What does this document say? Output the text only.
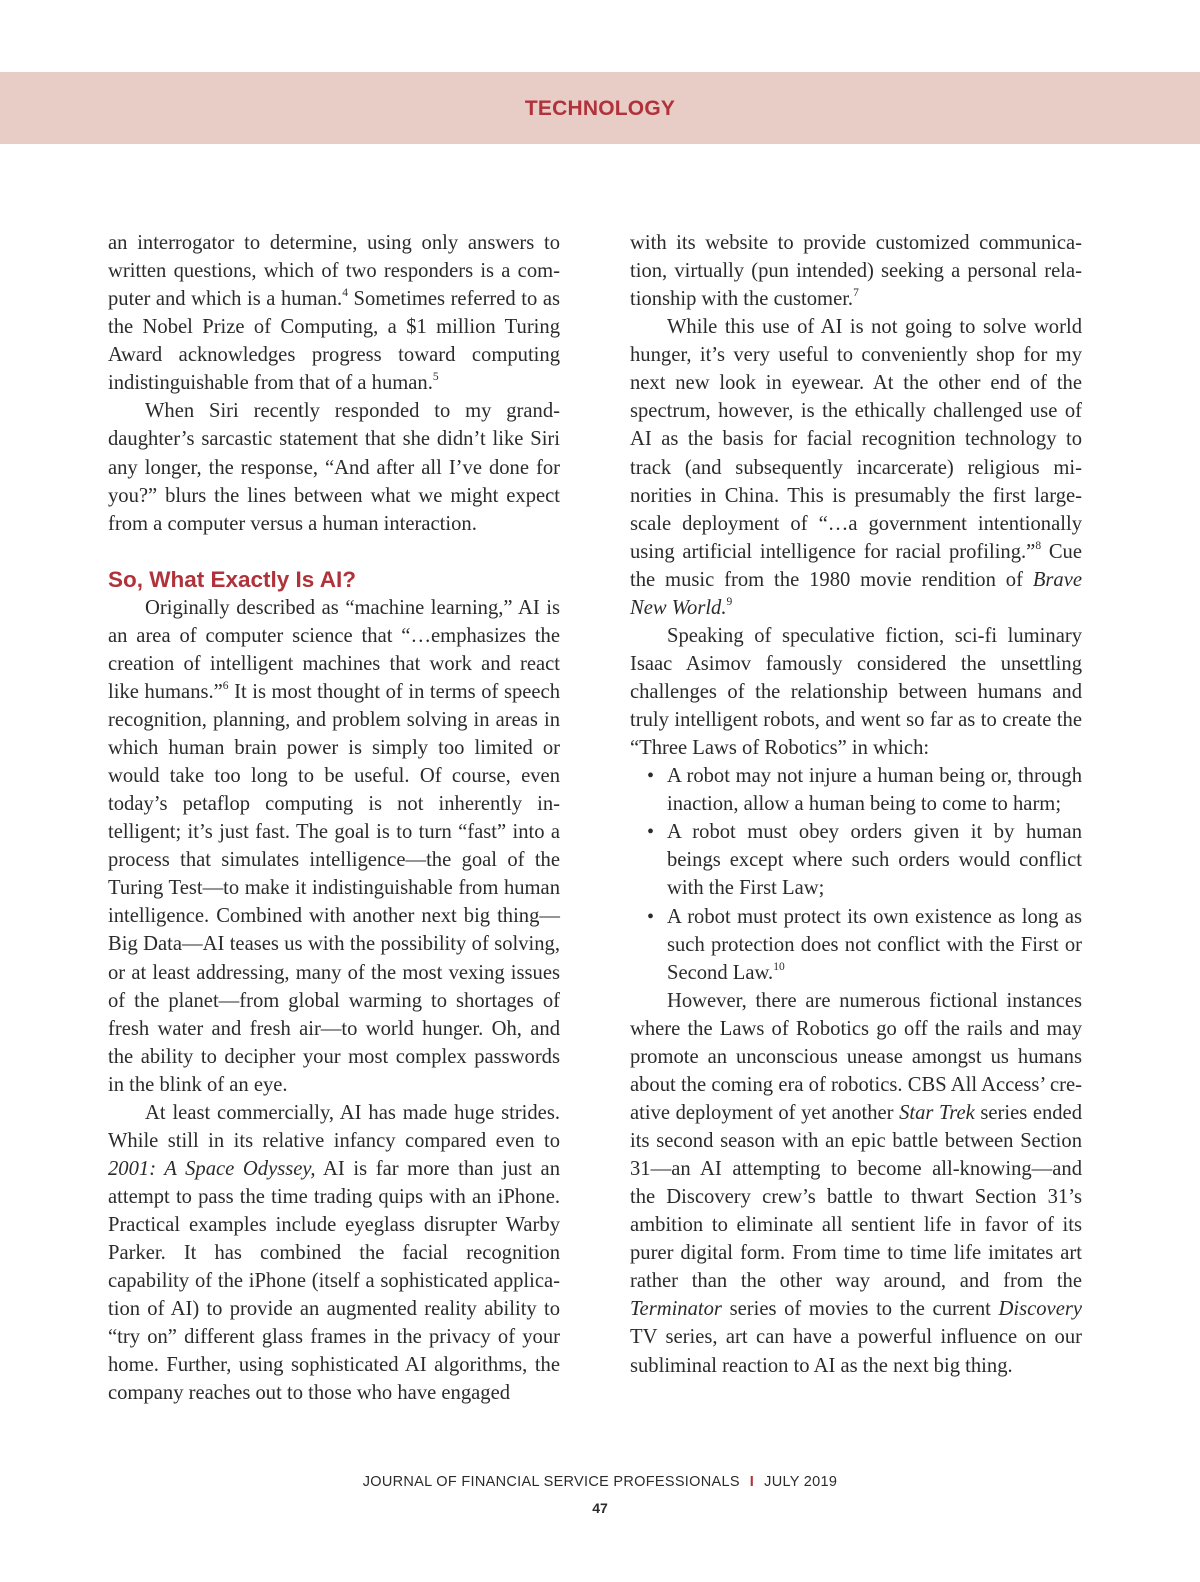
TECHNOLOGY

an interrogator to determine, using only answers to written questions, which of two responders is a computer and which is a human.$^4$ Sometimes referred to as the Nobel Prize of Computing, a $1 million Turing Award acknowledges progress toward computing indistinguishable from that of a human.$^5$

When Siri recently responded to my granddaughter’s sarcastic statement that she didn’t like Siri any longer, the response, “And after all I’ve done for you?” blurs the lines between what we might expect from a computer versus a human interaction.

So, What Exactly Is AI?

Originally described as “machine learning,” AI is an area of computer science that “…emphasizes the creation of intelligent machines that work and react like humans.”$^6$ It is most thought of in terms of speech recognition, planning, and problem solving in areas in which human brain power is simply too limited or would take too long to be useful. Of course, even today’s petaflop computing is not inherently intelligent; it’s just fast. The goal is to turn “fast” into a process that simulates intelligence—the goal of the Turing Test—to make it indistinguishable from human intelligence. Combined with another next big thing—Big Data—AI teases us with the possibility of solving, or at least addressing, many of the most vexing issues of the planet—from global warming to shortages of fresh water and fresh air—to world hunger. Oh, and the ability to decipher your most complex passwords in the blink of an eye.

At least commercially, AI has made huge strides. While still in its relative infancy compared even to 2001: A Space Odyssey, AI is far more than just an attempt to pass the time trading quips with an iPhone. Practical examples include eyeglass disrupter Warby Parker. It has combined the facial recognition capability of the iPhone (itself a sophisticated application of AI) to provide an augmented reality ability to “try on” different glass frames in the privacy of your home. Further, using sophisticated AI algorithms, the company reaches out to those who have engaged

with its website to provide customized communication, virtually (pun intended) seeking a personal relationship with the customer.$^7$

While this use of AI is not going to solve world hunger, it’s very useful to conveniently shop for my next new look in eyewear. At the other end of the spectrum, however, is the ethically challenged use of AI as the basis for facial recognition technology to track (and subsequently incarcerate) religious minorities in China. This is presumably the first large-scale deployment of “…a government intentionally using artificial intelligence for racial profiling.”$^8$ Cue the music from the 1980 movie rendition of Brave New World.$^9$

Speaking of speculative fiction, sci-fi luminary Isaac Asimov famously considered the unsettling challenges of the relationship between humans and truly intelligent robots, and went so far as to create the “Three Laws of Robotics” in which:

• A robot may not injure a human being or, through inaction, allow a human being to come to harm;
• A robot must obey orders given it by human beings except where such orders would conflict with the First Law;
• A robot must protect its own existence as long as such protection does not conflict with the First or Second Law.$^{10}$

However, there are numerous fictional instances where the Laws of Robotics go off the rails and may promote an unconscious unease amongst us humans about the coming era of robotics. CBS All Access’ creative deployment of yet another Star Trek series ended its second season with an epic battle between Section 31—an AI attempting to become all-knowing—and the Discovery crew’s battle to thwart Section 31’s ambition to eliminate all sentient life in favor of its purer digital form. From time to time life imitates art rather than the other way around, and from the Terminator series of movies to the current Discovery TV series, art can have a powerful influence on our subliminal reaction to AI as the next big thing.

JOURNAL OF FINANCIAL SERVICE PROFESSIONALS I JULY 2019
47
